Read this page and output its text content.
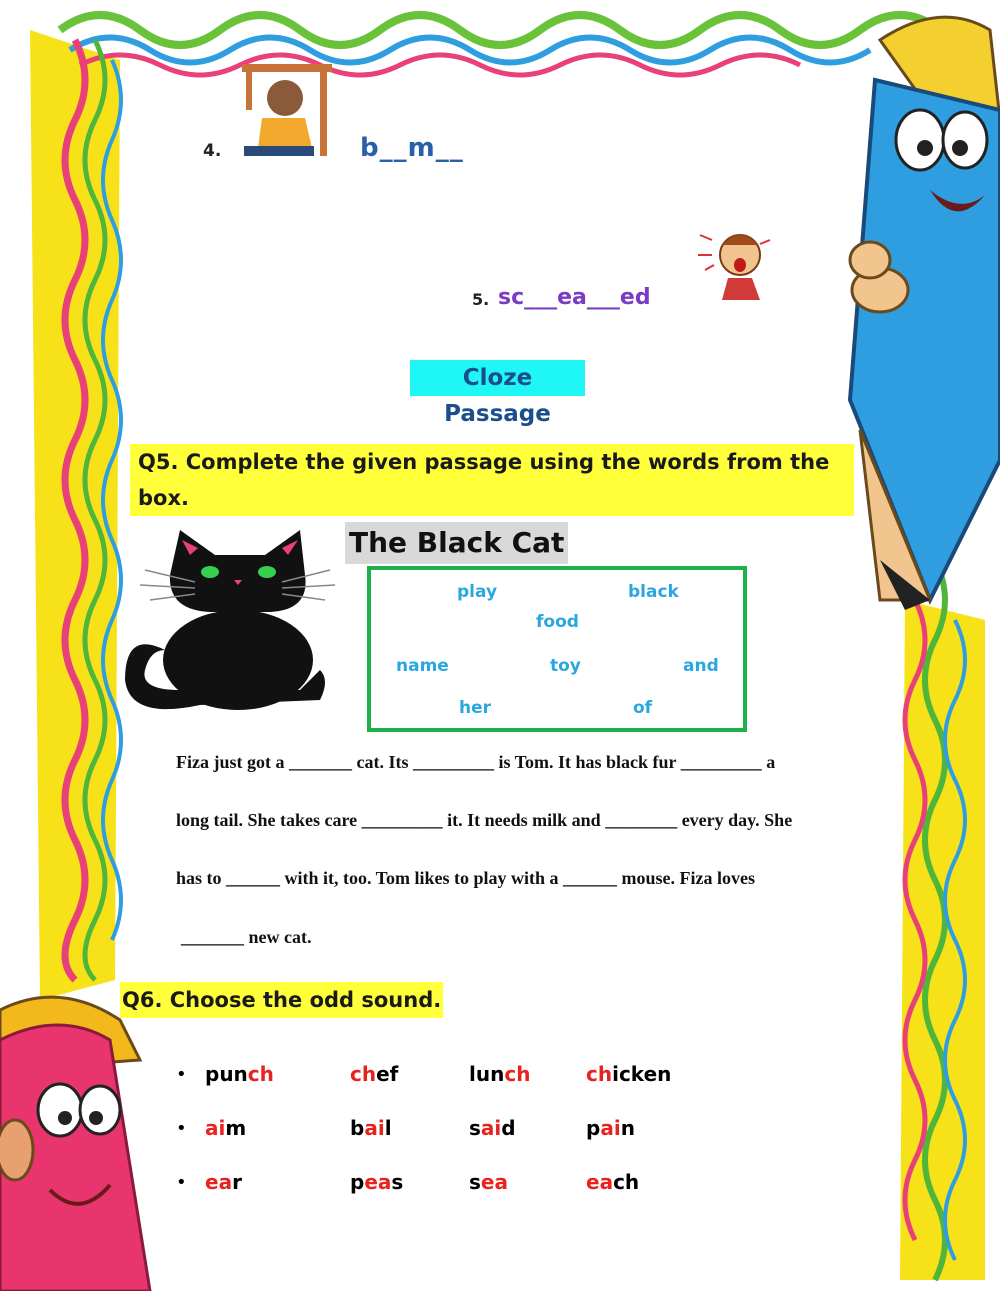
4.	b__m__
5. sc___ea___ed
Cloze Passage
Q5. Complete the given passage using the words from the box.
The Black Cat
play	black
food
name	toy	and
her	of
Fiza just got a _______ cat. Its _________ is Tom. It has black fur _________ a
long tail. She takes care _________ it. It needs milk and ________ every day. She
has to ______ with it, too. Tom likes to play with a ______ mouse. Fiza loves
_______ new cat.
Q6. Choose the odd sound.
• punch	chef	lunch	chicken
• aim	bail	said	pain
• ear	peas	sea	each
